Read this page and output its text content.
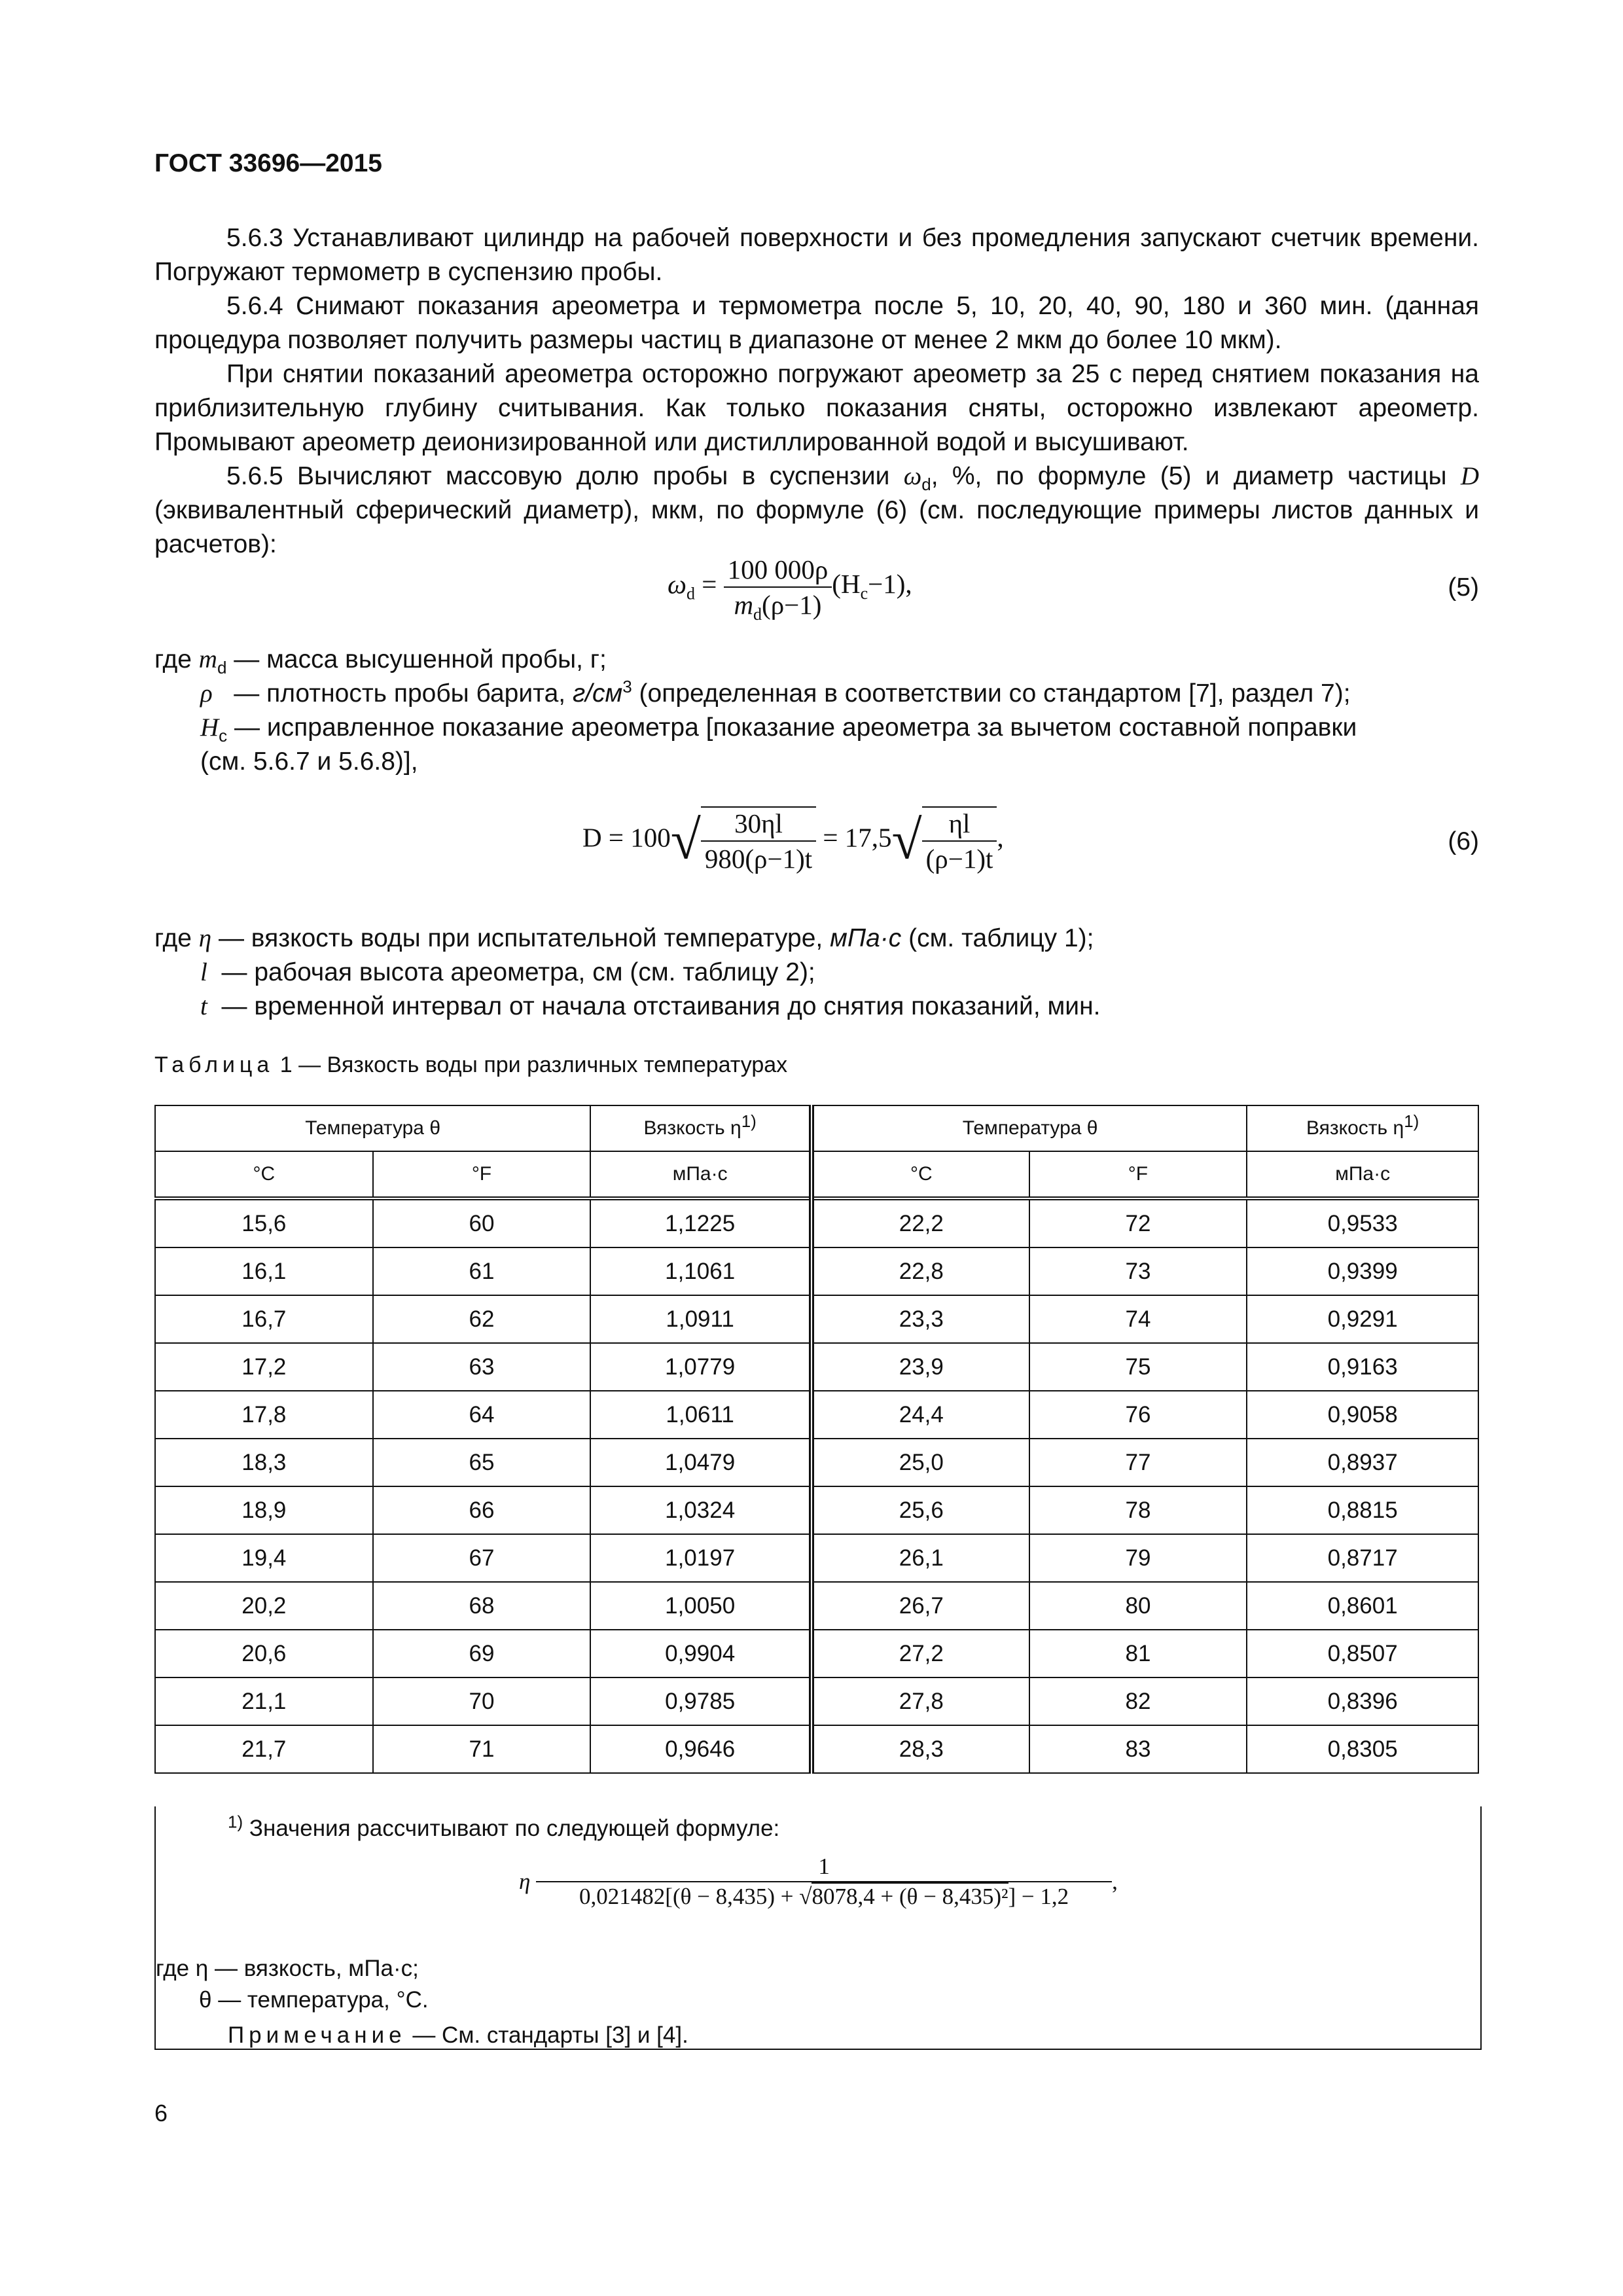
ГОСТ 33696—2015

5.6.3 Устанавливают цилиндр на рабочей поверхности и без промедления запускают счетчик времени. Погружают термометр в суспензию пробы.

5.6.4 Снимают показания ареометра и термометра после 5, 10, 20, 40, 90, 180 и 360 мин. (данная процедура позволяет получить размеры частиц в диапазоне от менее 2 мкм до более 10 мкм).

При снятии показаний ареометра осторожно погружают ареометр за 25 с перед снятием показания на приблизительную глубину считывания. Как только показания сняты, осторожно извлекают ареометр. Промывают ареометр деионизированной или дистиллированной водой и высушивают.

5.6.5 Вычисляют массовую долю пробы в суспензии $\omega_d$, %, по формуле (5) и диаметр частицы D (эквивалентный сферический диаметр), мкм, по формуле (6) (см. последующие примеры листов данных и расчетов):

$\omega_d = \frac{100 000\rho}{m_d(\rho-1)} (H_c-1)$,	(5)
где $m_d$ — масса высушенной пробы, г;
ρ — плотность пробы барита, $г/см^3$ (определенная в соответствии со стандартом [7], раздел 7);
$H_c$ — исправленное показание ареометра [показание ареометра за вычетом составной поправки
(см. 5.6.7 и 5.6.8)],
$D = 100√ \frac{30\eta l}{980(\rho-1)t} = 17,5√ \frac{\eta l}{(\rho-1)t}$ ,	(6)
где η — вязкость воды при испытательной температуре, мПа·с (см. таблицу 1);
l — рабочая высота ареометра, см (см. таблицу 2);
t — временной интервал от начала отстаивания до снятия показаний, мин.
Таблица 1 — Вязкость воды при различных температурах
Температура θ		Вязкость $\eta^{1)}$	Температура θ		Вязкость $\eta^{1)}$
°C	°F	мПа·с	°C	°F	мПа·с
15,6	60	1,1225	22,2	72	0,9533
16,1	61	1,1061	22,8	73	0,9399
16,7	62	1,0911	23,3	74	0,9291
17,2	63	1,0779	23,9	75	0,9163
17,8	64	1,0611	24,4	76	0,9058
18,3	65	1,0479	25,0	77	0,8937
18,9	66	1,0324	25,6	78	0,8815
19,4	67	1,0197	26,1	79	0,8717
20,2	68	1,0050	26,7	80	0,8601
20,6	69	0,9904	27,2	81	0,8507
21,1	70	0,9785	27,8	82	0,8396
21,7	71	0,9646	28,3	83	0,8305
$^{1)}$ Значения рассчитывают по следующей формуле:
η $\frac{1}{\text{0,021482[(θ − 8,435) + √8078,4 + (θ − 8,435)²] − 1,2}}$ ,
где η — вязкость, мПа·с;
θ — температура, °С.
Примечание — См. стандарты [3] и [4].
6
